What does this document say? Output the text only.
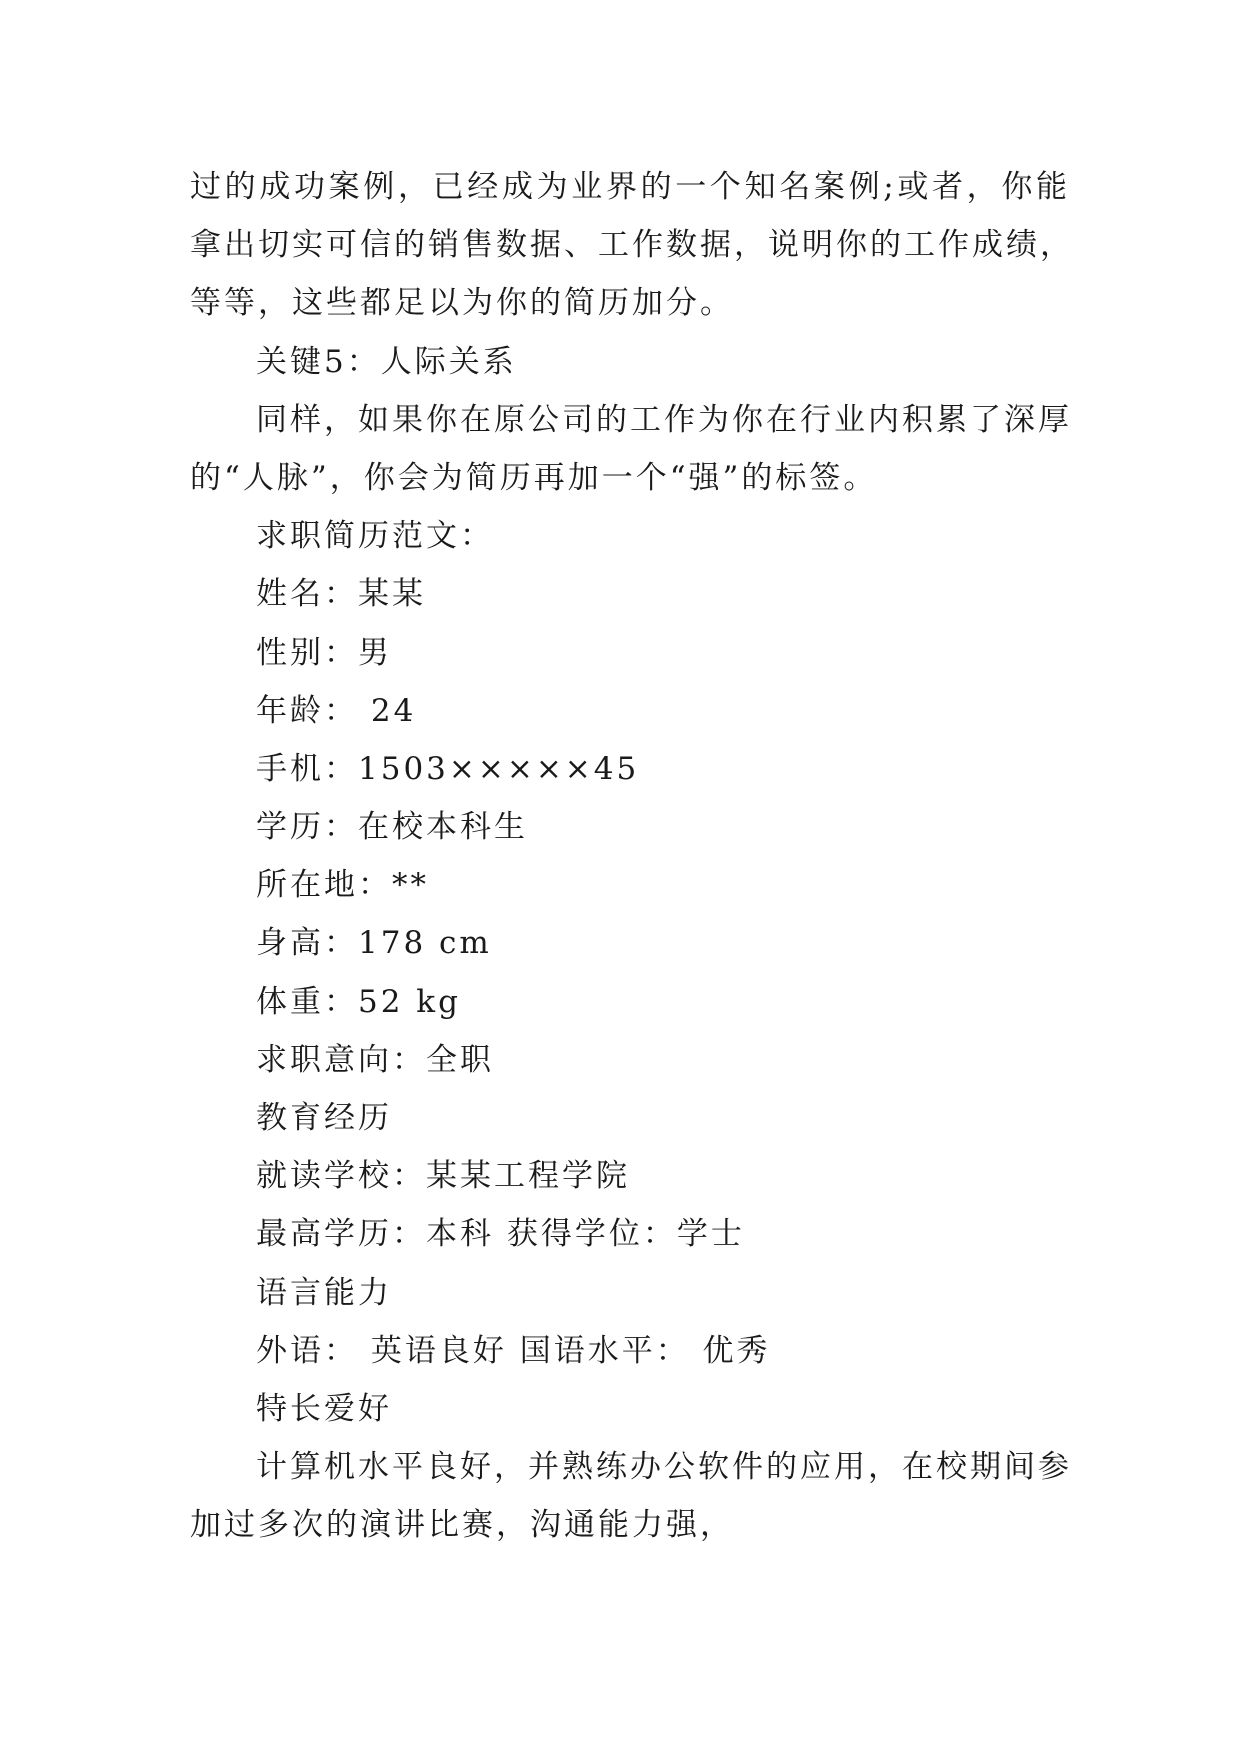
过的成功案例，已经成为业界的一个知名案例;或者，你能
拿出切实可信的销售数据、工作数据，说明你的工作成绩，
等等，这些都足以为你的简历加分。
关键5：人际关系
同样，如果你在原公司的工作为你在行业内积累了深厚
的“人脉”，你会为简历再加一个“强”的标签。
求职简历范文：
姓名：某某
性别：男
年龄： 24
手机：1503×××××45
学历：在校本科生
所在地：**
身高：178 cm
体重：52 kg
求职意向：全职
教育经历
就读学校：某某工程学院
最高学历：本科 获得学位：学士
语言能力
外语： 英语良好 国语水平： 优秀
特长爱好
计算机水平良好，并熟练办公软件的应用，在校期间参
加过多次的演讲比赛，沟通能力强，
